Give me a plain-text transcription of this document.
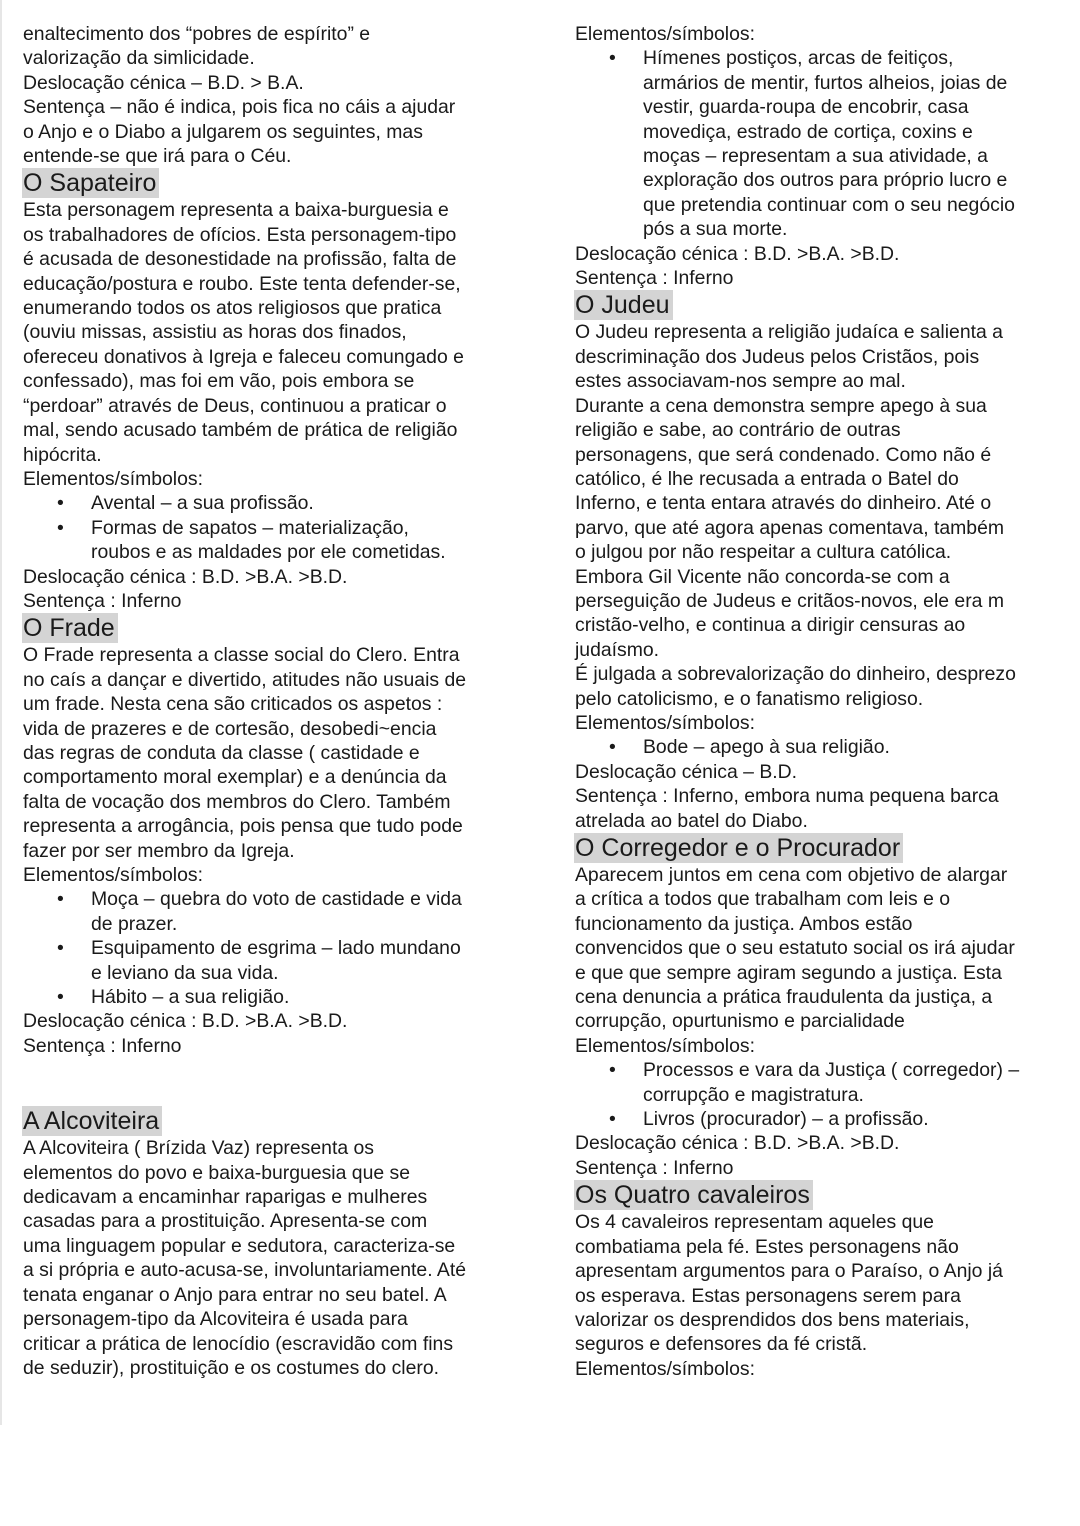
enaltecimento dos “pobres de espírito” e
valorização da simlicidade.
Deslocação cénica – B.D. > B.A.
Sentença – não é indica, pois fica no cáis a ajudar
o Anjo e o Diabo a julgarem os seguintes, mas
entende-se que irá para o Céu.
O Sapateiro
Esta personagem representa a baixa-burguesia e
os trabalhadores de ofícios. Esta personagem-tipo
é acusada de desonestidade na profissão, falta de
educação/postura e roubo. Este tenta defender-se,
enumerando todos os atos religiosos que pratica
(ouviu missas, assistiu as horas dos finados,
ofereceu donativos à Igreja e faleceu comungado e
confessado), mas foi em vão, pois embora se
“perdoar” através de Deus, continuou a praticar o
mal, sendo acusado também de prática de religião
hipócrita.
Elementos/símbolos:
• Avental – a sua profissão.
• Formas de sapatos – materialização,
roubos e as maldades por ele cometidas.
Deslocação cénica : B.D. >B.A. >B.D.
Sentença : Inferno
O Frade
O Frade representa a classe social do Clero. Entra
no caís a dançar e divertido, atitudes não usuais de
um frade. Nesta cena são criticados os aspetos :
vida de prazeres e de cortesão, desobedi~encia
das regras de conduta da classe ( castidade e
comportamento moral exemplar) e a denúncia da
falta de vocação dos membros do Clero. Também
representa a arrogância, pois pensa que tudo pode
fazer por ser membro da Igreja.
Elementos/símbolos:
• Moça – quebra do voto de castidade e vida
de prazer.
• Esquipamento de esgrima – lado mundano
e leviano da sua vida.
• Hábito – a sua religião.
Deslocação cénica : B.D. >B.A. >B.D.
Sentença : Inferno
A Alcoviteira
A Alcoviteira ( Brízida Vaz) representa os
elementos do povo e baixa-burguesia que se
dedicavam a encaminhar raparigas e mulheres
casadas para a prostituição. Apresenta-se com
uma linguagem popular e sedutora, caracteriza-se
a si própria e auto-acusa-se, involuntariamente. Até
tenata enganar o Anjo para entrar no seu batel. A
personagem-tipo da Alcoviteira é usada para
criticar a prática de lenocídio (escravidão com fins
de seduzir), prostituição e os costumes do clero.
Elementos/símbolos:
• Hímenes postiços, arcas de feitiços,
armários de mentir, furtos alheios, joias de
vestir, guarda-roupa de encobrir, casa
movediça, estrado de cortiça, coxins e
moças – representam a sua atividade, a
exploração dos outros para próprio lucro e
que pretendia continuar com o seu negócio
pós a sua morte.
Deslocação cénica : B.D. >B.A. >B.D.
Sentença : Inferno
O Judeu
O Judeu representa a religião judaíca e salienta a
descriminação dos Judeus pelos Cristãos, pois
estes associavam-nos sempre ao mal.
Durante a cena demonstra sempre apego à sua
religião e sabe, ao contrário de outras
personagens, que será condenado. Como não é
católico, é lhe recusada a entrada o Batel do
Inferno, e tenta entara através do dinheiro. Até o
parvo, que até agora apenas comentava, também
o julgou por não respeitar a cultura católica.
Embora Gil Vicente não concorda-se com a
perseguição de Judeus e critãos-novos, ele era m
cristão-velho, e continua a dirigir censuras ao
judaísmo.
É julgada a sobrevalorização do dinheiro, desprezo
pelo catolicismo, e o fanatismo religioso.
Elementos/símbolos:
• Bode – apego à sua religião.
Deslocação cénica – B.D.
Sentença : Inferno, embora numa pequena barca
atrelada ao batel do Diabo.
O Corregedor e o Procurador
Aparecem juntos em cena com objetivo de alargar
a crítica a todos que trabalham com leis e o
funcionamento da justiça. Ambos estão
convencidos que o seu estatuto social os irá ajudar
e que que sempre agiram segundo a justiça. Esta
cena denuncia a prática fraudulenta da justiça, a
corrupção, opurtunismo e parcialidade
Elementos/símbolos:
• Processos e vara da Justiça ( corregedor) –
corrupção e magistratura.
• Livros (procurador) – a profissão.
Deslocação cénica : B.D. >B.A. >B.D.
Sentença : Inferno
Os Quatro cavaleiros
Os 4 cavaleiros representam aqueles que
combatiama pela fé. Estes personagens não
apresentam argumentos para o Paraíso, o Anjo já
os esperava. Estas personagens serem para
valorizar os desprendidos dos bens materiais,
seguros e defensores da fé cristã.
Elementos/símbolos:
